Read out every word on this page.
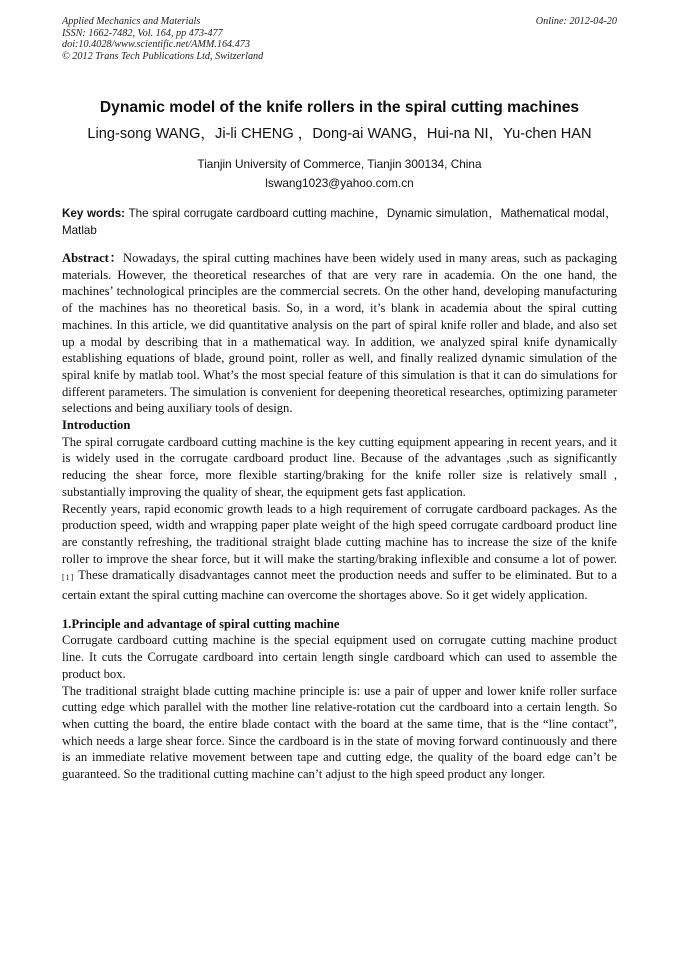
Applied Mechanics and Materials
ISSN: 1662-7482, Vol. 164, pp 473-477
doi:10.4028/www.scientific.net/AMM.164.473
© 2012 Trans Tech Publications Ltd, Switzerland
Online: 2012-04-20
Dynamic model of the knife rollers in the spiral cutting machines
Ling-song WANG，Ji-li CHENG ，Dong-ai WANG，Hui-na NI，Yu-chen HAN
Tianjin University of Commerce, Tianjin 300134, China
lswang1023@yahoo.com.cn
Key words: The spiral corrugate cardboard cutting machine，Dynamic simulation，Mathematical modal，Matlab

Abstract：Nowadays, the spiral cutting machines have been widely used in many areas, such as packaging materials. However, the theoretical researches of that are very rare in academia. On the one hand, the machines’ technological principles are the commercial secrets. On the other hand, developing manufacturing of the machines has no theoretical basis. So, in a word, it’s blank in academia about the spiral cutting machines. In this article, we did quantitative analysis on the part of spiral knife roller and blade, and also set up a modal by describing that in a mathematical way. In addition, we analyzed spiral knife dynamically establishing equations of blade, ground point, roller as well, and finally realized dynamic simulation of the spiral knife by matlab tool. What’s the most special feature of this simulation is that it can do simulations for different parameters. The simulation is convenient for deepening theoretical researches, optimizing parameter selections and being auxiliary tools of design.

Introduction

The spiral corrugate cardboard cutting machine is the key cutting equipment appearing in recent years, and it is widely used in the corrugate cardboard product line. Because of the advantages ,such as significantly reducing the shear force, more flexible starting/braking for the knife roller size is relatively small , substantially improving the quality of shear, the equipment gets fast application.

Recently years, rapid economic growth leads to a high requirement of corrugate cardboard packages. As the production speed, width and wrapping paper plate weight of the high speed corrugate cardboard product line are constantly refreshing, the traditional straight blade cutting machine has to increase the size of the knife roller to improve the shear force, but it will make the starting/braking inflexible and consume a lot of power.[1] These dramatically disadvantages cannot meet the production needs and suffer to be eliminated. But to a certain extant the spiral cutting machine can overcome the shortages above. So it get widely application.

1.Principle and advantage of spiral cutting machine

Corrugate cardboard cutting machine is the special equipment used on corrugate cutting machine product line. It cuts the Corrugate cardboard into certain length single cardboard which can used to assemble the product box.

The traditional straight blade cutting machine principle is: use a pair of upper and lower knife roller surface cutting edge which parallel with the mother line relative-rotation cut the cardboard into a certain length. So when cutting the board, the entire blade contact with the board at the same time, that is the “line contact”, which needs a large shear force. Since the cardboard is in the state of moving forward continuously and there is an immediate relative movement between tape and cutting edge, the quality of the board edge can’t be guaranteed. So the traditional cutting machine can’t adjust to the high speed product any longer.
